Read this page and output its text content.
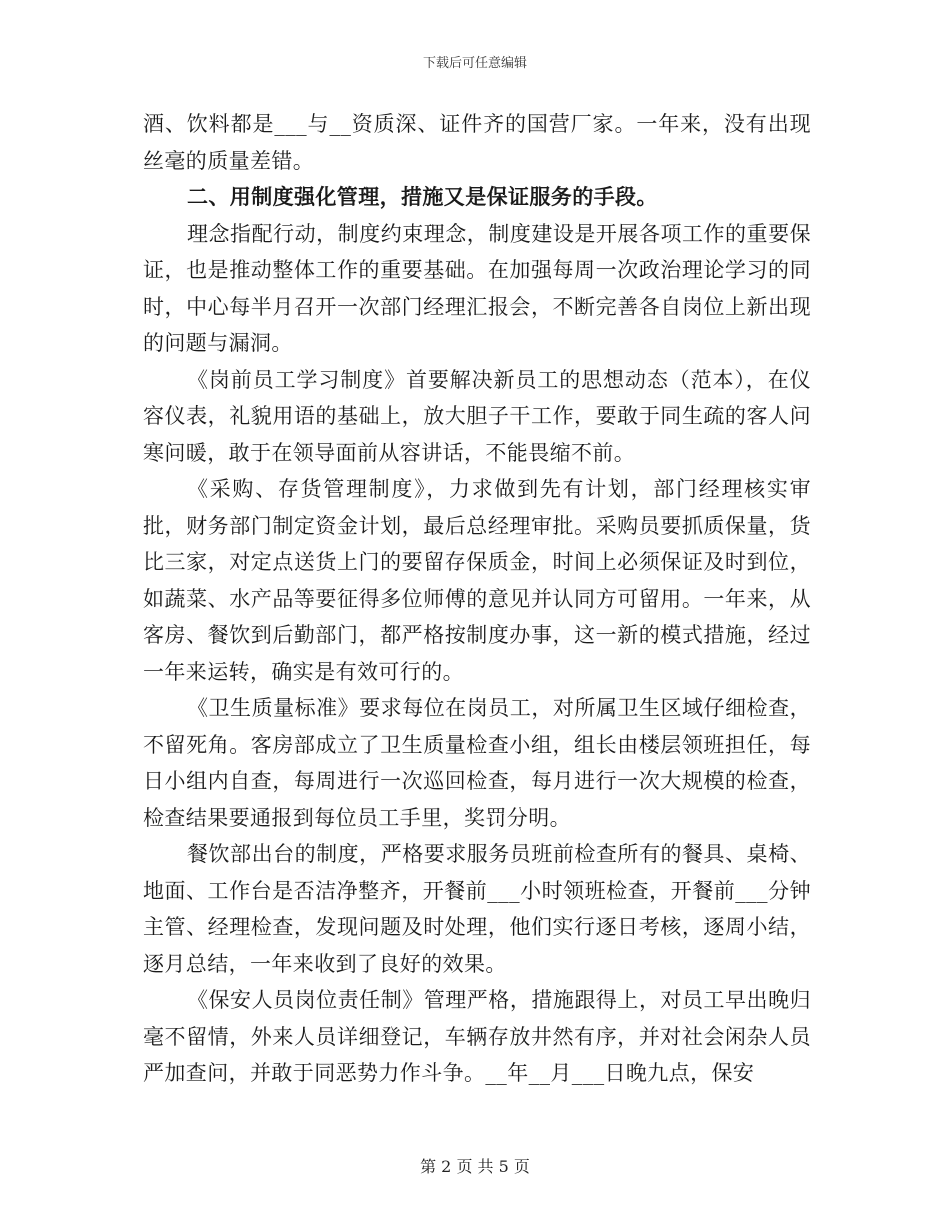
下载后可任意编辑

酒、饮料都是___与__资质深、证件齐的国营厂家。一年来，没有出现丝毫的质量差错。

二、用制度强化管理，措施又是保证服务的手段。

理念指配行动，制度约束理念，制度建设是开展各项工作的重要保证，也是推动整体工作的重要基础。在加强每周一次政治理论学习的同时，中心每半月召开一次部门经理汇报会，不断完善各自岗位上新出现的问题与漏洞。

《岗前员工学习制度》首要解决新员工的思想动态（范本），在仪容仪表，礼貌用语的基础上，放大胆子干工作，要敢于同生疏的客人问寒问暖，敢于在领导面前从容讲话，不能畏缩不前。

《采购、存货管理制度》，力求做到先有计划，部门经理核实审批，财务部门制定资金计划，最后总经理审批。采购员要抓质保量，货比三家，对定点送货上门的要留存保质金，时间上必须保证及时到位，如蔬菜、水产品等要征得多位师傅的意见并认同方可留用。一年来，从客房、餐饮到后勤部门，都严格按制度办事，这一新的模式措施，经过一年来运转，确实是有效可行的。

《卫生质量标准》要求每位在岗员工，对所属卫生区域仔细检查，不留死角。客房部成立了卫生质量检查小组，组长由楼层领班担任，每日小组内自查，每周进行一次巡回检查，每月进行一次大规模的检查，检查结果要通报到每位员工手里，奖罚分明。

餐饮部出台的制度，严格要求服务员班前检查所有的餐具、桌椅、地面、工作台是否洁净整齐，开餐前___小时领班检查，开餐前___分钟主管、经理检查，发现问题及时处理，他们实行逐日考核，逐周小结，逐月总结，一年来收到了良好的效果。

《保安人员岗位责任制》管理严格，措施跟得上，对员工早出晚归毫不留情，外来人员详细登记，车辆存放井然有序，并对社会闲杂人员严加查问，并敢于同恶势力作斗争。__年__月___日晚九点，保安

第 2 页 共 5 页
